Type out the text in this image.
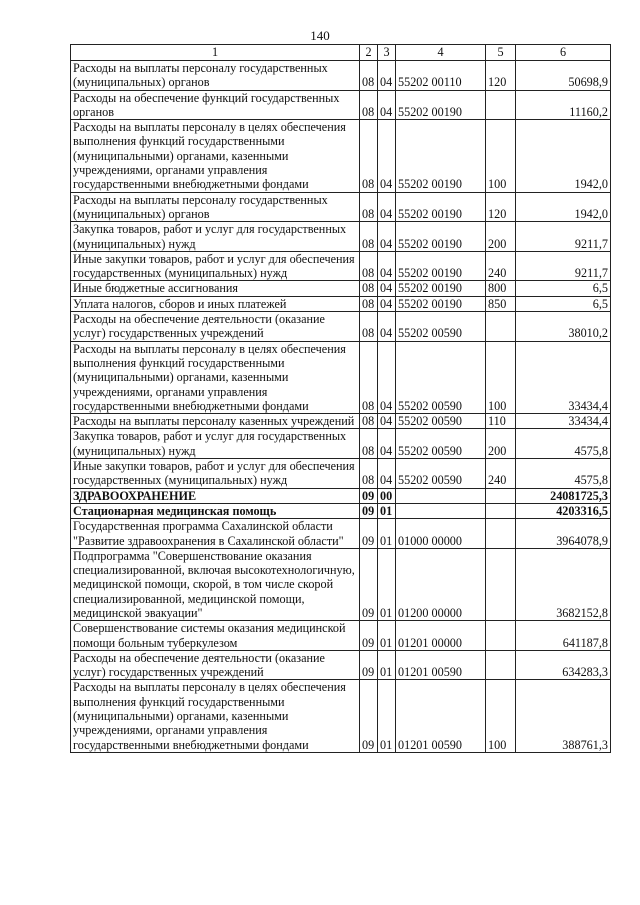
140
1	2	3	4	5	6
Расходы на выплаты персоналу государственных (муниципальных) органов	08	04	55202 00110	120	50698,9
Расходы на обеспечение функций государственных органов	08	04	55202 00190		11160,2
Расходы на выплаты персоналу в целях обеспечения выполнения функций государственными (муниципальными) органами, казенными учреждениями, органами управления государственными внебюджетными фондами	08	04	55202 00190	100	1942,0
Расходы на выплаты персоналу государственных (муниципальных) органов	08	04	55202 00190	120	1942,0
Закупка товаров, работ и услуг для государственных (муниципальных) нужд	08	04	55202 00190	200	9211,7
Иные закупки товаров, работ и услуг для обеспечения государственных (муниципальных) нужд	08	04	55202 00190	240	9211,7
Иные бюджетные ассигнования	08	04	55202 00190	800	6,5
Уплата налогов, сборов и иных платежей	08	04	55202 00190	850	6,5
Расходы на обеспечение деятельности (оказание услуг) государственных учреждений	08	04	55202 00590		38010,2
Расходы на выплаты персоналу в целях обеспечения выполнения функций государственными (муниципальными) органами, казенными учреждениями, органами управления государственными внебюджетными фондами	08	04	55202 00590	100	33434,4
Расходы на выплаты персоналу казенных учреждений	08	04	55202 00590	110	33434,4
Закупка товаров, работ и услуг для государственных (муниципальных) нужд	08	04	55202 00590	200	4575,8
Иные закупки товаров, работ и услуг для обеспечения государственных (муниципальных) нужд	08	04	55202 00590	240	4575,8
ЗДРАВООХРАНЕНИЕ	09	00			24081725,3
Стационарная медицинская помощь	09	01			4203316,5
Государственная программа Сахалинской области "Развитие здравоохранения в Сахалинской области"	09	01	01000 00000		3964078,9
Подпрограмма "Совершенствование оказания специализированной, включая высокотехнологичную, медицинской помощи, скорой, в том числе скорой специализированной, медицинской помощи, медицинской эвакуации"	09	01	01200 00000		3682152,8
Совершенствование системы оказания медицинской помощи больным туберкулезом	09	01	01201 00000		641187,8
Расходы на обеспечение деятельности (оказание услуг) государственных учреждений	09	01	01201 00590		634283,3
Расходы на выплаты персоналу в целях обеспечения выполнения функций государственными (муниципальными) органами, казенными учреждениями, органами управления государственными внебюджетными фондами	09	01	01201 00590	100	388761,3
